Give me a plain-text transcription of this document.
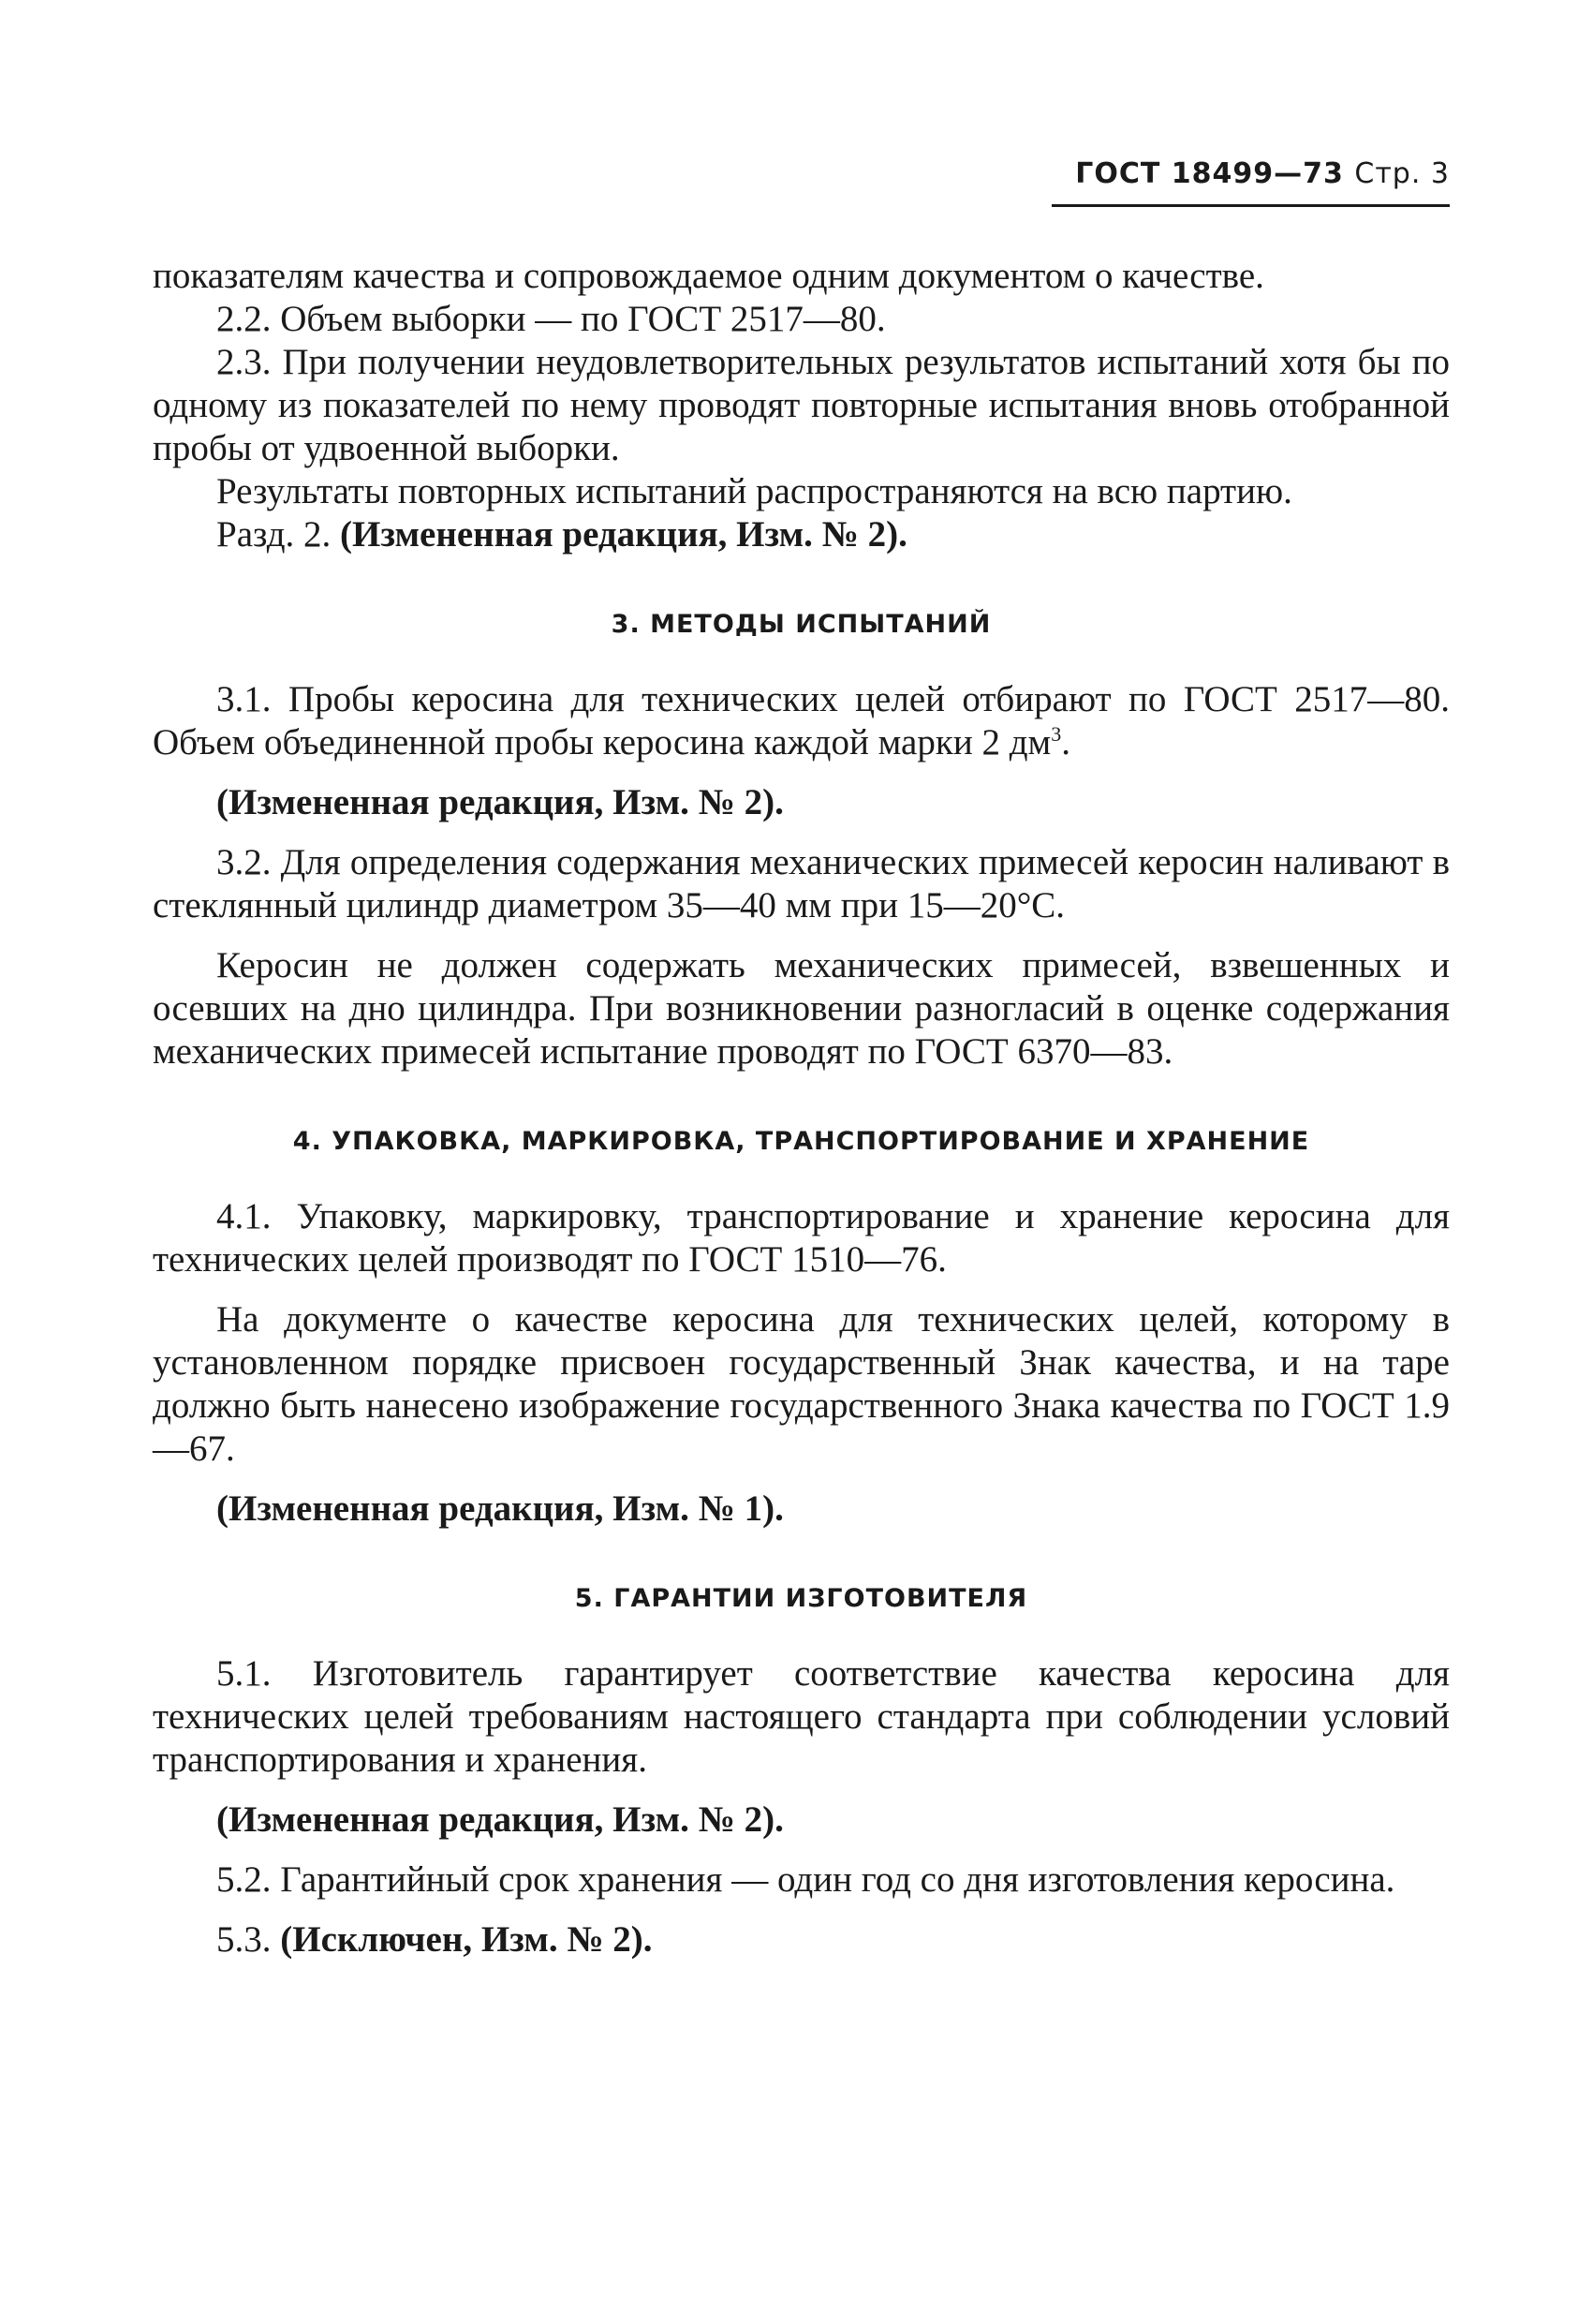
ГОСТ 18499—73 Стр. 3

показателям качества и сопровождаемое одним документом о качестве.

2.2. Объем выборки — по ГОСТ 2517—80.

2.3. При получении неудовлетворительных результатов испытаний хотя бы по одному из показателей по нему проводят повторные испытания вновь отобранной пробы от удвоенной выборки.

Результаты повторных испытаний распространяются на всю партию.

Разд. 2. (Измененная редакция, Изм. № 2).

3. МЕТОДЫ ИСПЫТАНИЙ

3.1. Пробы керосина для технических целей отбирают по ГОСТ 2517—80. Объем объединенной пробы керосина каждой марки 2 $дм^3$.

(Измененная редакция, Изм. № 2).

3.2. Для определения содержания механических примесей керосин наливают в стеклянный цилиндр диаметром 35—40 мм при 15—20°С.

Керосин не должен содержать механических примесей, взвешенных и осевших на дно цилиндра. При возникновении разногласий в оценке содержания механических примесей испытание проводят по ГОСТ 6370—83.

4. УПАКОВКА, МАРКИРОВКА, ТРАНСПОРТИРОВАНИЕ И ХРАНЕНИЕ

4.1. Упаковку, маркировку, транспортирование и хранение керосина для технических целей производят по ГОСТ 1510—76.

На документе о качестве керосина для технических целей, которому в установленном порядке присвоен государственный Знак качества, и на таре должно быть нанесено изображение государственного Знака качества по ГОСТ 1.9—67.

(Измененная редакция, Изм. № 1).

5. ГАРАНТИИ ИЗГОТОВИТЕЛЯ

5.1. Изготовитель гарантирует соответствие качества керосина для технических целей требованиям настоящего стандарта при соблюдении условий транспортирования и хранения.

(Измененная редакция, Изм. № 2).

5.2. Гарантийный срок хранения — один год со дня изготовления керосина.

5.3. (Исключен, Изм. № 2).
